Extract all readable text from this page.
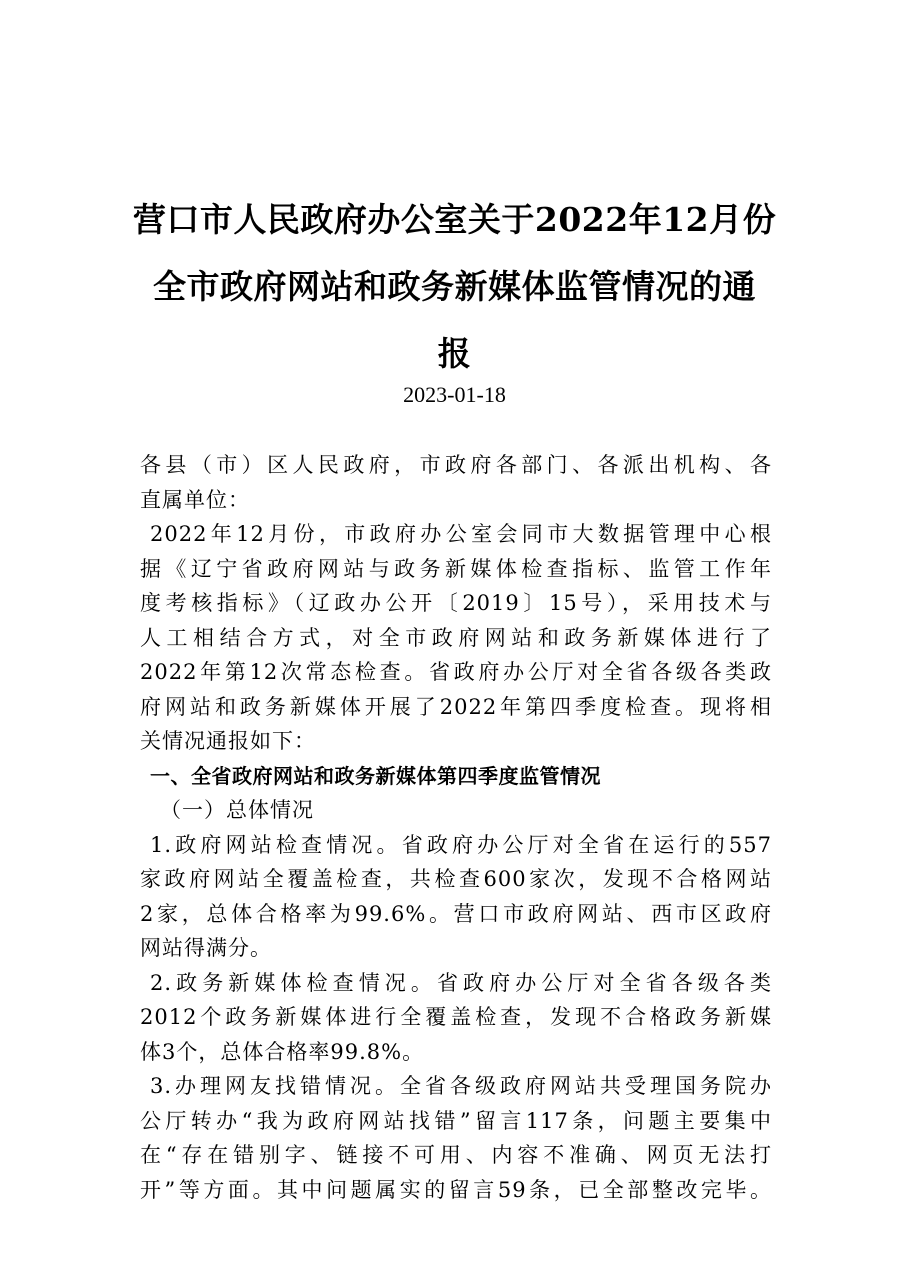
营口市人民政府办公室关于2022年12月份
全市政府网站和政务新媒体监管情况的通
报
2023-01-18
各县（市）区人民政府，市政府各部门、各派出机构、各
直属单位：
2022年12月份，市政府办公室会同市大数据管理中心根
据《辽宁省政府网站与政务新媒体检查指标、监管工作年
度考核指标》（辽政办公开〔2019〕15号），采用技术与
人工相结合方式，对全市政府网站和政务新媒体进行了
2022年第12次常态检查。省政府办公厅对全省各级各类政
府网站和政务新媒体开展了2022年第四季度检查。现将相
关情况通报如下：
一、全省政府网站和政务新媒体第四季度监管情况
（一）总体情况
1.政府网站检查情况。省政府办公厅对全省在运行的557
家政府网站全覆盖检查，共检查600家次，发现不合格网站
2家，总体合格率为99.6%。营口市政府网站、西市区政府
网站得满分。
2.政务新媒体检查情况。省政府办公厅对全省各级各类
2012个政务新媒体进行全覆盖检查，发现不合格政务新媒
体3个，总体合格率99.8%。
3.办理网友找错情况。全省各级政府网站共受理国务院办
公厅转办“我为政府网站找错”留言117条，问题主要集中
在“存在错别字、链接不可用、内容不准确、网页无法打
开”等方面。其中问题属实的留言59条，已全部整改完毕。
